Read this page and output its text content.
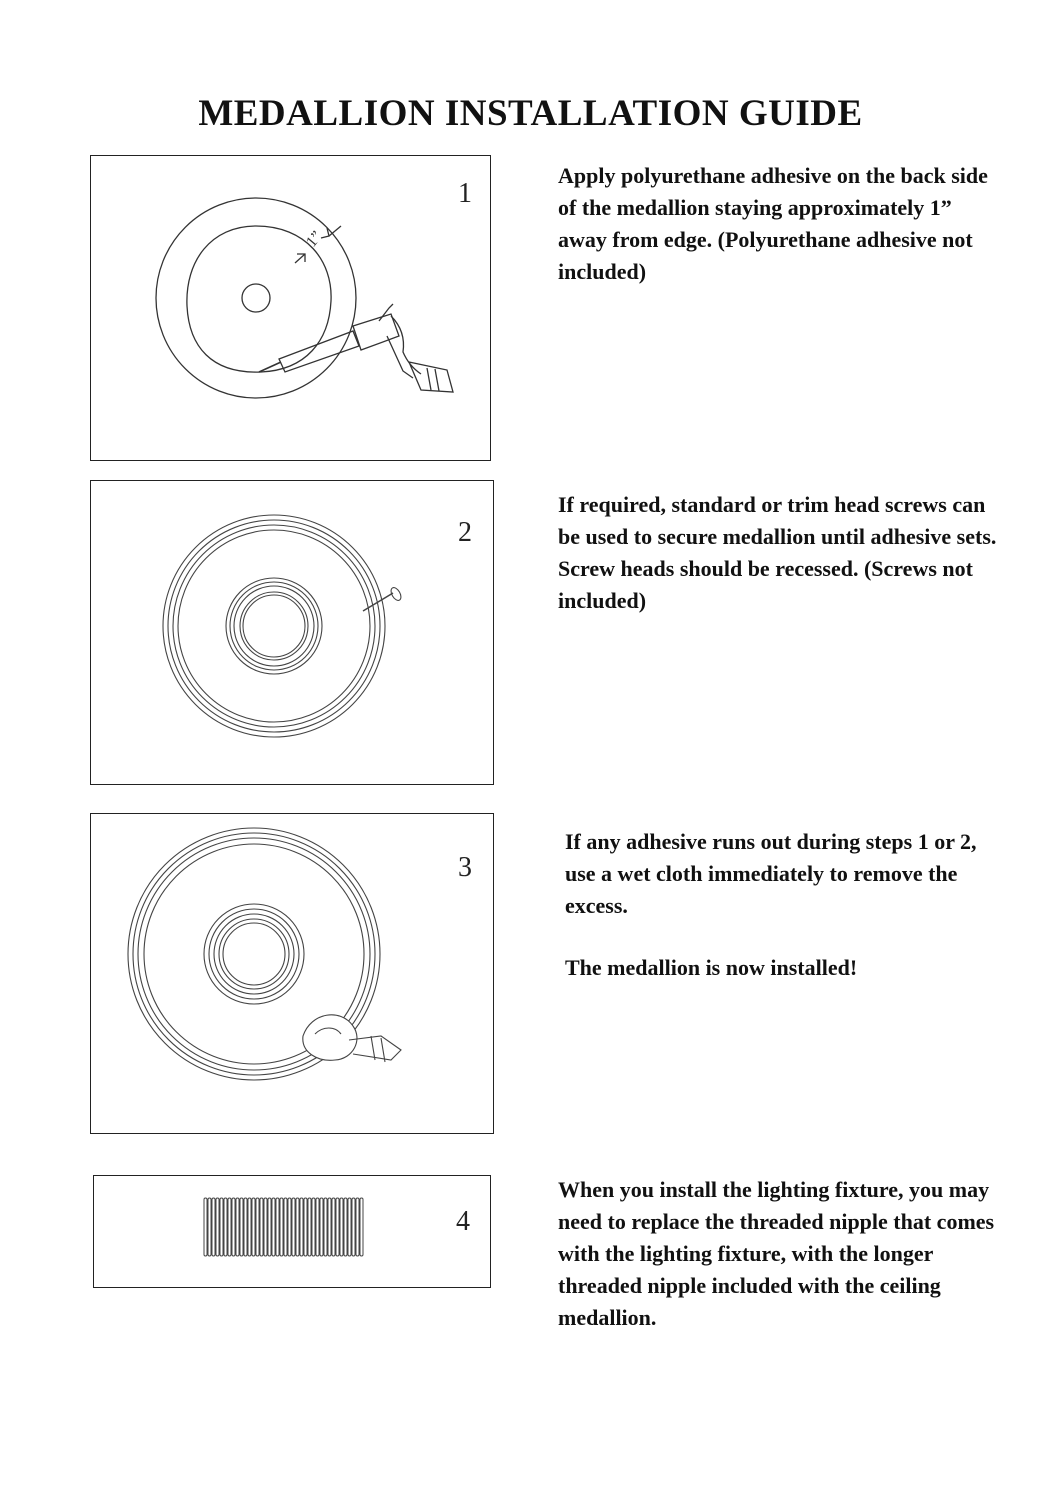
MEDALLION INSTALLATION GUIDE
1
1”

Apply polyurethane adhesive on the back side of the medallion staying approximately 1” away from edge. (Polyurethane adhesive not included)

2

If required, standard or trim head screws can be used to secure medallion until adhesive sets. Screw heads should be recessed. (Screws not included)

3

If any adhesive runs out during steps 1 or 2, use a wet cloth immediately to remove the excess.

The medallion is now installed!

4

When you install the lighting fixture, you may need to replace the threaded nipple that comes with the lighting fixture, with the longer threaded nipple included with the ceiling medallion.
